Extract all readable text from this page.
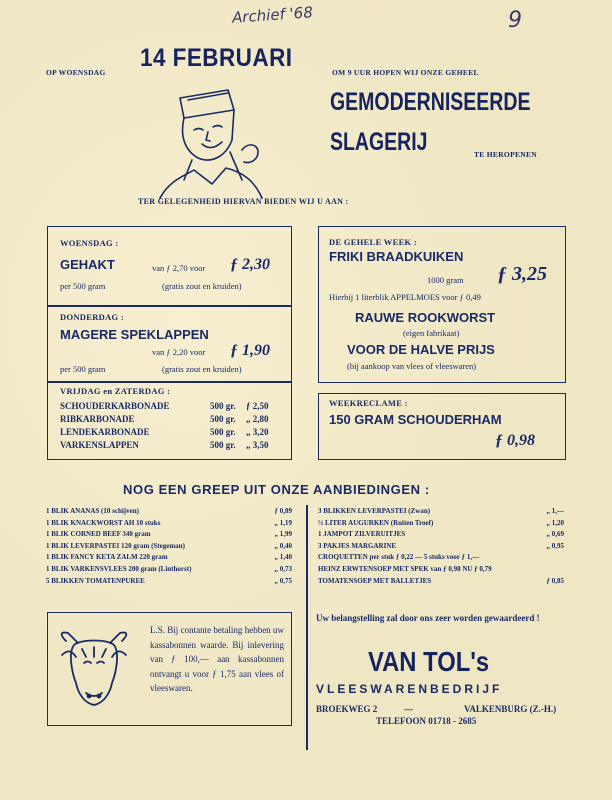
Archief '68	9
OP WOENSDAG
14 FEBRUARI
OM 9 UUR HOPEN WIJ ONZE GEHEEL
GEMODERNISEERDE
SLAGERIJ	TE HEROPENEN
TER GELEGENHEID HIERVAN BIEDEN WIJ U AAN :
WOENSDAG :
GEHAKT	van ƒ 2,70 voor ƒ 2,30
per 500 gram	(gratis zout en kruiden)
DONDERDAG :
MAGERE SPEKLAPPEN
van ƒ 2,20 voor ƒ 1,90
per 500 gram	(gratis zout en kruiden)
VRIJDAG en ZATERDAG :
SCHOUDERKARBONADE	500 gr.	ƒ 2,50
RIBKARBONADE	500 gr.	„ 2,80
LENDEKARBONADE	500 gr.	„ 3,20
VARKENSLAPPEN	500 gr.	„ 3,50
DE GEHELE WEEK :
FRIKI BRAADKUIKEN
1000 gram ƒ 3,25
Hierbij 1 literblik APPELMOES voor ƒ 0,49
RAUWE ROOKWORST
(eigen fabrikaat)
VOOR DE HALVE PRIJS
(bij aankoop van vlees of vleeswaren)
WEEKRECLAME :
150 GRAM SCHOUDERHAM
ƒ 0,98
NOG EEN GREEP UIT ONZE AANBIEDINGEN :
1 BLIK ANANAS (10 schijven)	ƒ 0,89
1 BLIK KNACKWORST AH 10 stuks	„ 1,19
1 BLIK CORNED BEEF 340 gram	„ 1,99
1 BLIK LEVERPASTEI 120 gram (Stegeman)	„ 0,40
1 BLIK FANCY KETA ZALM 220 gram	„ 1,40
1 BLIK VARKENSVLEES 200 gram (Linthorst)	„ 0,73
5 BLIKKEN TOMATENPUREE	„ 0,75
3 BLIKKEN LEVERPASTEI (Zwan)	„ 1,—
½ LITER AUGURKEN (Ruiten Troef)	„ 1,20
1 JAMPOT ZILVERUITJES	„ 0,69
3 PAKJES MARGARINE	„ 0,95
CROQUETTEN per stuk ƒ 0,22 — 5 stuks voor ƒ 1,—
HEINZ ERWTENSOEP MET SPEK van ƒ 0,98 NU ƒ 0,79
TOMATENSOEP MET BALLETJES	ƒ 0,85
L.S. Bij contante betaling hebben uw kassabonnen waarde. Bij inlevering van ƒ 100,— aan kassabonnen ontvangt u voor ƒ 1,75 aan vlees of vleeswaren.
Uw belangstelling zal door ons zeer worden gewaardeerd !
VAN TOL's
VLEESWARENBEDRIJF
BROEKWEG 2	—	VALKENBURG (Z.-H.)
TELEFOON 01718 - 2685
